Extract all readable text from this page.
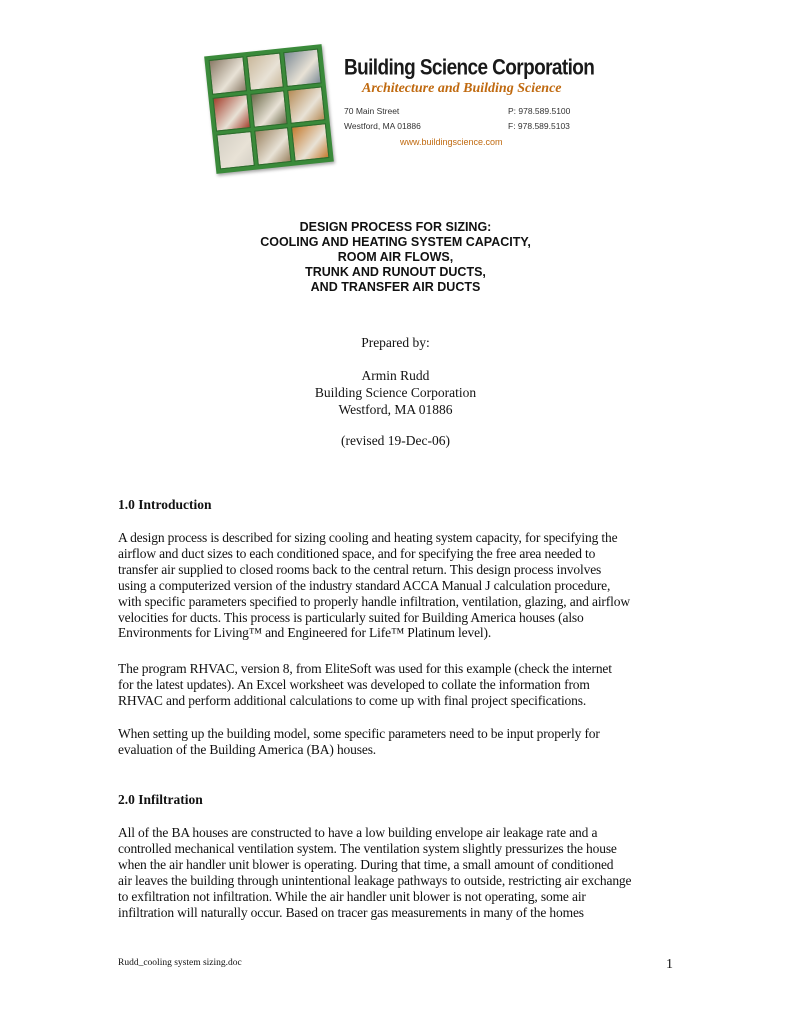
Building Science Corporation
Architecture and Building Science
70 Main Street
Westford, MA 01886
P: 978.589.5100
F: 978.589.5103
www.buildingscience.com
DESIGN PROCESS FOR SIZING:
COOLING AND HEATING SYSTEM CAPACITY,
ROOM AIR FLOWS,
TRUNK AND RUNOUT DUCTS,
AND TRANSFER AIR DUCTS
Prepared by:
Armin Rudd
Building Science Corporation
Westford, MA 01886
(revised 19-Dec-06)
1.0 Introduction
A design process is described for sizing cooling and heating system capacity, for specifying the
airflow and duct sizes to each conditioned space, and for specifying the free area needed to
transfer air supplied to closed rooms back to the central return. This design process involves
using a computerized version of the industry standard ACCA Manual J calculation procedure,
with specific parameters specified to properly handle infiltration, ventilation, glazing, and airflow
velocities for ducts. This process is particularly suited for Building America houses (also
Environments for Living™ and Engineered for Life™ Platinum level).
The program RHVAC, version 8, from EliteSoft was used for this example (check the internet
for the latest updates). An Excel worksheet was developed to collate the information from
RHVAC and perform additional calculations to come up with final project specifications.
When setting up the building model, some specific parameters need to be input properly for
evaluation of the Building America (BA) houses.
2.0 Infiltration
All of the BA houses are constructed to have a low building envelope air leakage rate and a
controlled mechanical ventilation system. The ventilation system slightly pressurizes the house
when the air handler unit blower is operating. During that time, a small amount of conditioned
air leaves the building through unintentional leakage pathways to outside, restricting air exchange
to exfiltration not infiltration. While the air handler unit blower is not operating, some air
infiltration will naturally occur. Based on tracer gas measurements in many of the homes
Rudd_cooling system sizing.doc	1
